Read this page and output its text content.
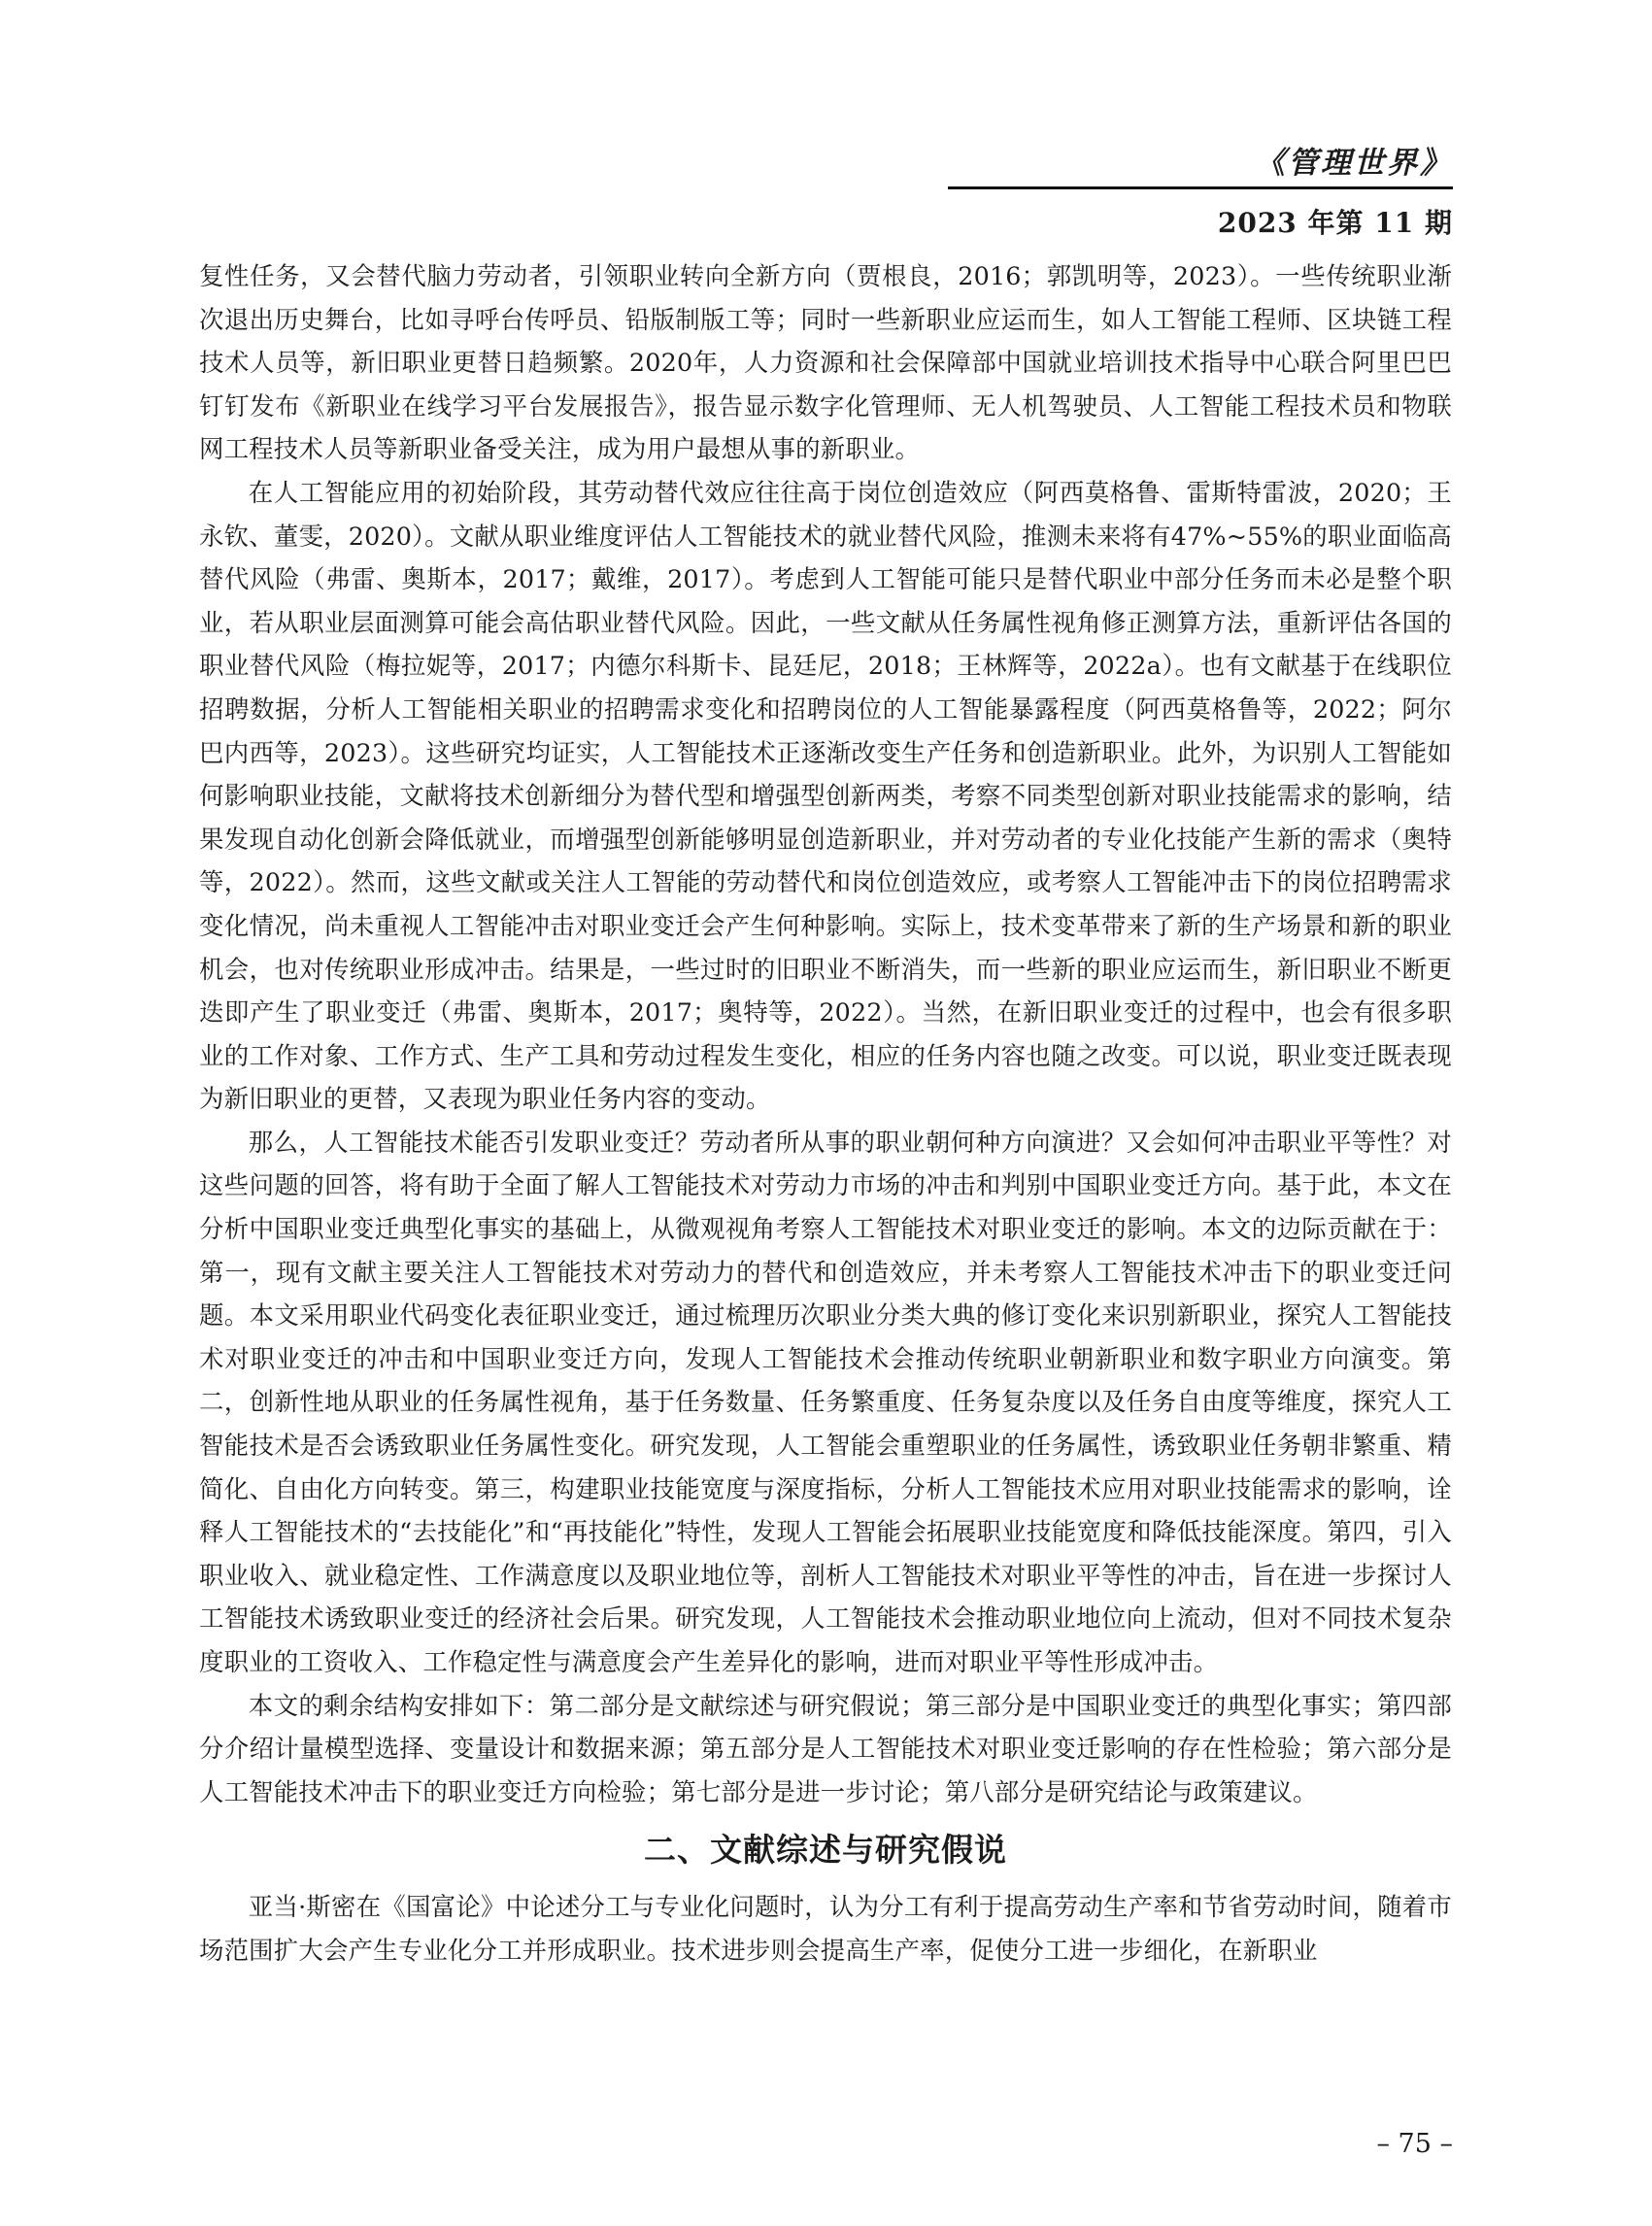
《管理世界》
2023 年第 11 期

复性任务，又会替代脑力劳动者，引领职业转向全新方向（贾根良，2016；郭凯明等，2023）。一些传统职业渐次退出历史舞台，比如寻呼台传呼员、铅版制版工等；同时一些新职业应运而生，如人工智能工程师、区块链工程技术人员等，新旧职业更替日趋频繁。2020年，人力资源和社会保障部中国就业培训技术指导中心联合阿里巴巴钉钉发布《新职业在线学习平台发展报告》，报告显示数字化管理师、无人机驾驶员、人工智能工程技术员和物联网工程技术人员等新职业备受关注，成为用户最想从事的新职业。

在人工智能应用的初始阶段，其劳动替代效应往往高于岗位创造效应（阿西莫格鲁、雷斯特雷波，2020；王永钦、董雯，2020）。文献从职业维度评估人工智能技术的就业替代风险，推测未来将有47%~55%的职业面临高替代风险（弗雷、奥斯本，2017；戴维，2017）。考虑到人工智能可能只是替代职业中部分任务而未必是整个职业，若从职业层面测算可能会高估职业替代风险。因此，一些文献从任务属性视角修正测算方法，重新评估各国的职业替代风险（梅拉妮等，2017；内德尔科斯卡、昆廷尼，2018；王林辉等，2022a）。也有文献基于在线职位招聘数据，分析人工智能相关职业的招聘需求变化和招聘岗位的人工智能暴露程度（阿西莫格鲁等，2022；阿尔巴内西等，2023）。这些研究均证实，人工智能技术正逐渐改变生产任务和创造新职业。此外，为识别人工智能如何影响职业技能，文献将技术创新细分为替代型和增强型创新两类，考察不同类型创新对职业技能需求的影响，结果发现自动化创新会降低就业，而增强型创新能够明显创造新职业，并对劳动者的专业化技能产生新的需求（奥特等，2022）。然而，这些文献或关注人工智能的劳动替代和岗位创造效应，或考察人工智能冲击下的岗位招聘需求变化情况，尚未重视人工智能冲击对职业变迁会产生何种影响。实际上，技术变革带来了新的生产场景和新的职业机会，也对传统职业形成冲击。结果是，一些过时的旧职业不断消失，而一些新的职业应运而生，新旧职业不断更迭即产生了职业变迁（弗雷、奥斯本，2017；奥特等，2022）。当然，在新旧职业变迁的过程中，也会有很多职业的工作对象、工作方式、生产工具和劳动过程发生变化，相应的任务内容也随之改变。可以说，职业变迁既表现为新旧职业的更替，又表现为职业任务内容的变动。

那么，人工智能技术能否引发职业变迁？劳动者所从事的职业朝何种方向演进？又会如何冲击职业平等性？对这些问题的回答，将有助于全面了解人工智能技术对劳动力市场的冲击和判别中国职业变迁方向。基于此，本文在分析中国职业变迁典型化事实的基础上，从微观视角考察人工智能技术对职业变迁的影响。本文的边际贡献在于：第一，现有文献主要关注人工智能技术对劳动力的替代和创造效应，并未考察人工智能技术冲击下的职业变迁问题。本文采用职业代码变化表征职业变迁，通过梳理历次职业分类大典的修订变化来识别新职业，探究人工智能技术对职业变迁的冲击和中国职业变迁方向，发现人工智能技术会推动传统职业朝新职业和数字职业方向演变。第二，创新性地从职业的任务属性视角，基于任务数量、任务繁重度、任务复杂度以及任务自由度等维度，探究人工智能技术是否会诱致职业任务属性变化。研究发现，人工智能会重塑职业的任务属性，诱致职业任务朝非繁重、精简化、自由化方向转变。第三，构建职业技能宽度与深度指标，分析人工智能技术应用对职业技能需求的影响，诠释人工智能技术的“去技能化”和“再技能化”特性，发现人工智能会拓展职业技能宽度和降低技能深度。第四，引入职业收入、就业稳定性、工作满意度以及职业地位等，剖析人工智能技术对职业平等性的冲击，旨在进一步探讨人工智能技术诱致职业变迁的经济社会后果。研究发现，人工智能技术会推动职业地位向上流动，但对不同技术复杂度职业的工资收入、工作稳定性与满意度会产生差异化的影响，进而对职业平等性形成冲击。

本文的剩余结构安排如下：第二部分是文献综述与研究假说；第三部分是中国职业变迁的典型化事实；第四部分介绍计量模型选择、变量设计和数据来源；第五部分是人工智能技术对职业变迁影响的存在性检验；第六部分是人工智能技术冲击下的职业变迁方向检验；第七部分是进一步讨论；第八部分是研究结论与政策建议。

二、文献综述与研究假说

亚当·斯密在《国富论》中论述分工与专业化问题时，认为分工有利于提高劳动生产率和节省劳动时间，随着市场范围扩大会产生专业化分工并形成职业。技术进步则会提高生产率，促使分工进一步细化，在新职业

– 75 –
